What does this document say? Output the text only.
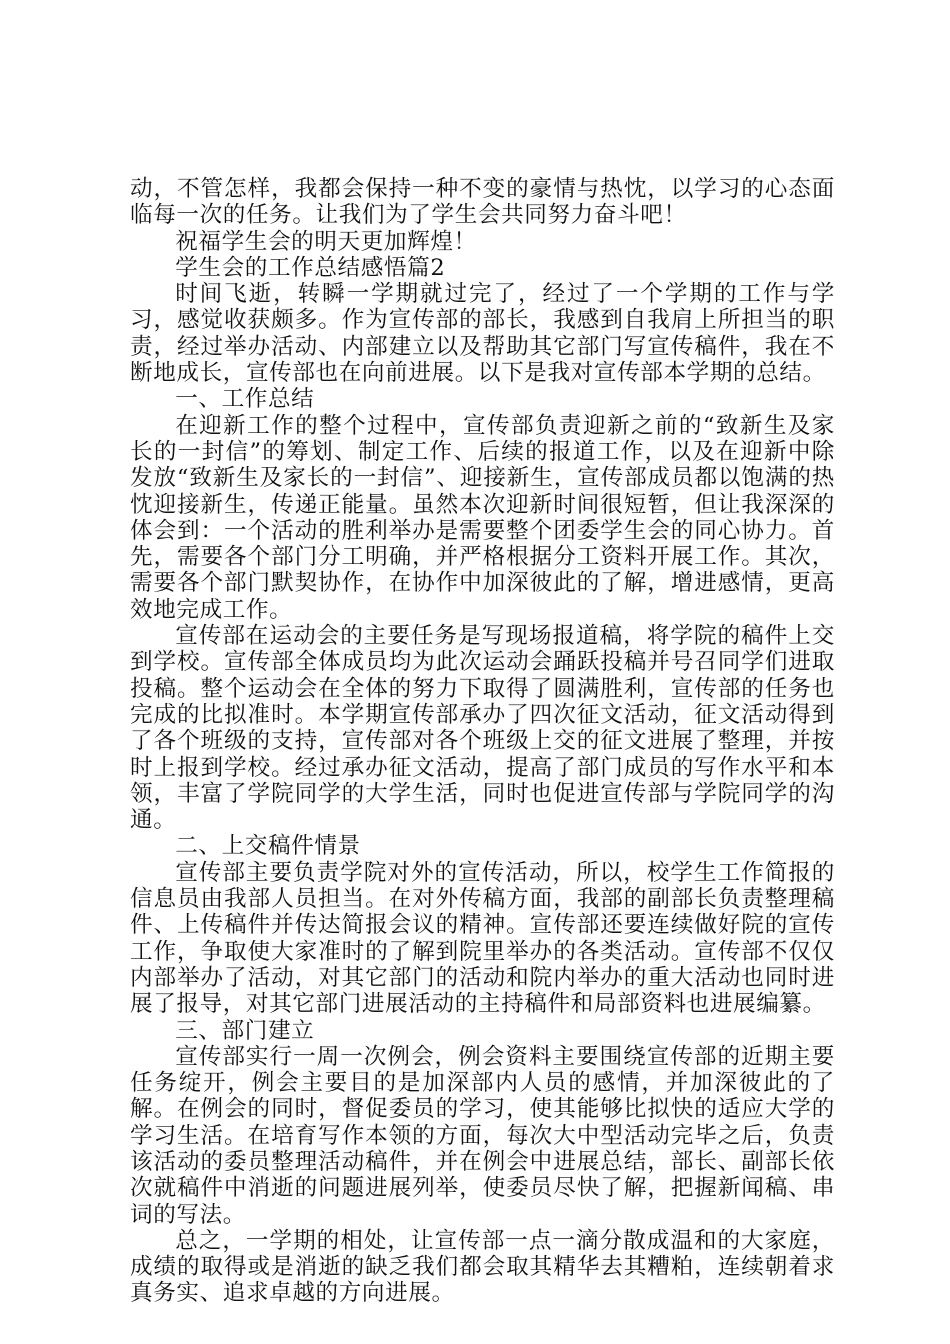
动，不管怎样，我都会保持一种不变的豪情与热忱，以学习的心态面临每一次的任务。让我们为了学生会共同努力奋斗吧！

祝福学生会的明天更加辉煌！

学生会的工作总结感悟篇2

时间飞逝，转瞬一学期就过完了，经过了一个学期的工作与学习，感觉收获颇多。作为宣传部的部长，我感到自我肩上所担当的职责，经过举办活动、内部建立以及帮助其它部门写宣传稿件，我在不断地成长，宣传部也在向前进展。以下是我对宣传部本学期的总结。

一、工作总结

在迎新工作的整个过程中，宣传部负责迎新之前的“致新生及家长的一封信”的筹划、制定工作、后续的报道工作，以及在迎新中除发放“致新生及家长的一封信”、迎接新生，宣传部成员都以饱满的热忱迎接新生，传递正能量。虽然本次迎新时间很短暂，但让我深深的体会到：一个活动的胜利举办是需要整个团委学生会的同心协力。首先，需要各个部门分工明确，并严格根据分工资料开展工作。其次，需要各个部门默契协作，在协作中加深彼此的了解，增进感情，更高效地完成工作。

宣传部在运动会的主要任务是写现场报道稿，将学院的稿件上交到学校。宣传部全体成员均为此次运动会踊跃投稿并号召同学们进取投稿。整个运动会在全体的努力下取得了圆满胜利，宣传部的任务也完成的比拟准时。本学期宣传部承办了四次征文活动，征文活动得到了各个班级的支持，宣传部对各个班级上交的征文进展了整理，并按时上报到学校。经过承办征文活动，提高了部门成员的写作水平和本领，丰富了学院同学的大学生活，同时也促进宣传部与学院同学的沟通。

二、上交稿件情景

宣传部主要负责学院对外的宣传活动，所以，校学生工作简报的信息员由我部人员担当。在对外传稿方面，我部的副部长负责整理稿件、上传稿件并传达简报会议的精神。宣传部还要连续做好院的宣传工作，争取使大家准时的了解到院里举办的各类活动。宣传部不仅仅内部举办了活动，对其它部门的活动和院内举办的重大活动也同时进展了报导，对其它部门进展活动的主持稿件和局部资料也进展编纂。

三、部门建立

宣传部实行一周一次例会，例会资料主要围绕宣传部的近期主要任务绽开，例会主要目的是加深部内人员的感情，并加深彼此的了解。在例会的同时，督促委员的学习，使其能够比拟快的适应大学的学习生活。在培育写作本领的方面，每次大中型活动完毕之后，负责该活动的委员整理活动稿件，并在例会中进展总结，部长、副部长依次就稿件中消逝的问题进展列举，使委员尽快了解，把握新闻稿、串词的写法。

总之，一学期的相处，让宣传部一点一滴分散成温和的大家庭，成绩的取得或是消逝的缺乏我们都会取其精华去其糟粕，连续朝着求真务实、追求卓越的方向进展。
